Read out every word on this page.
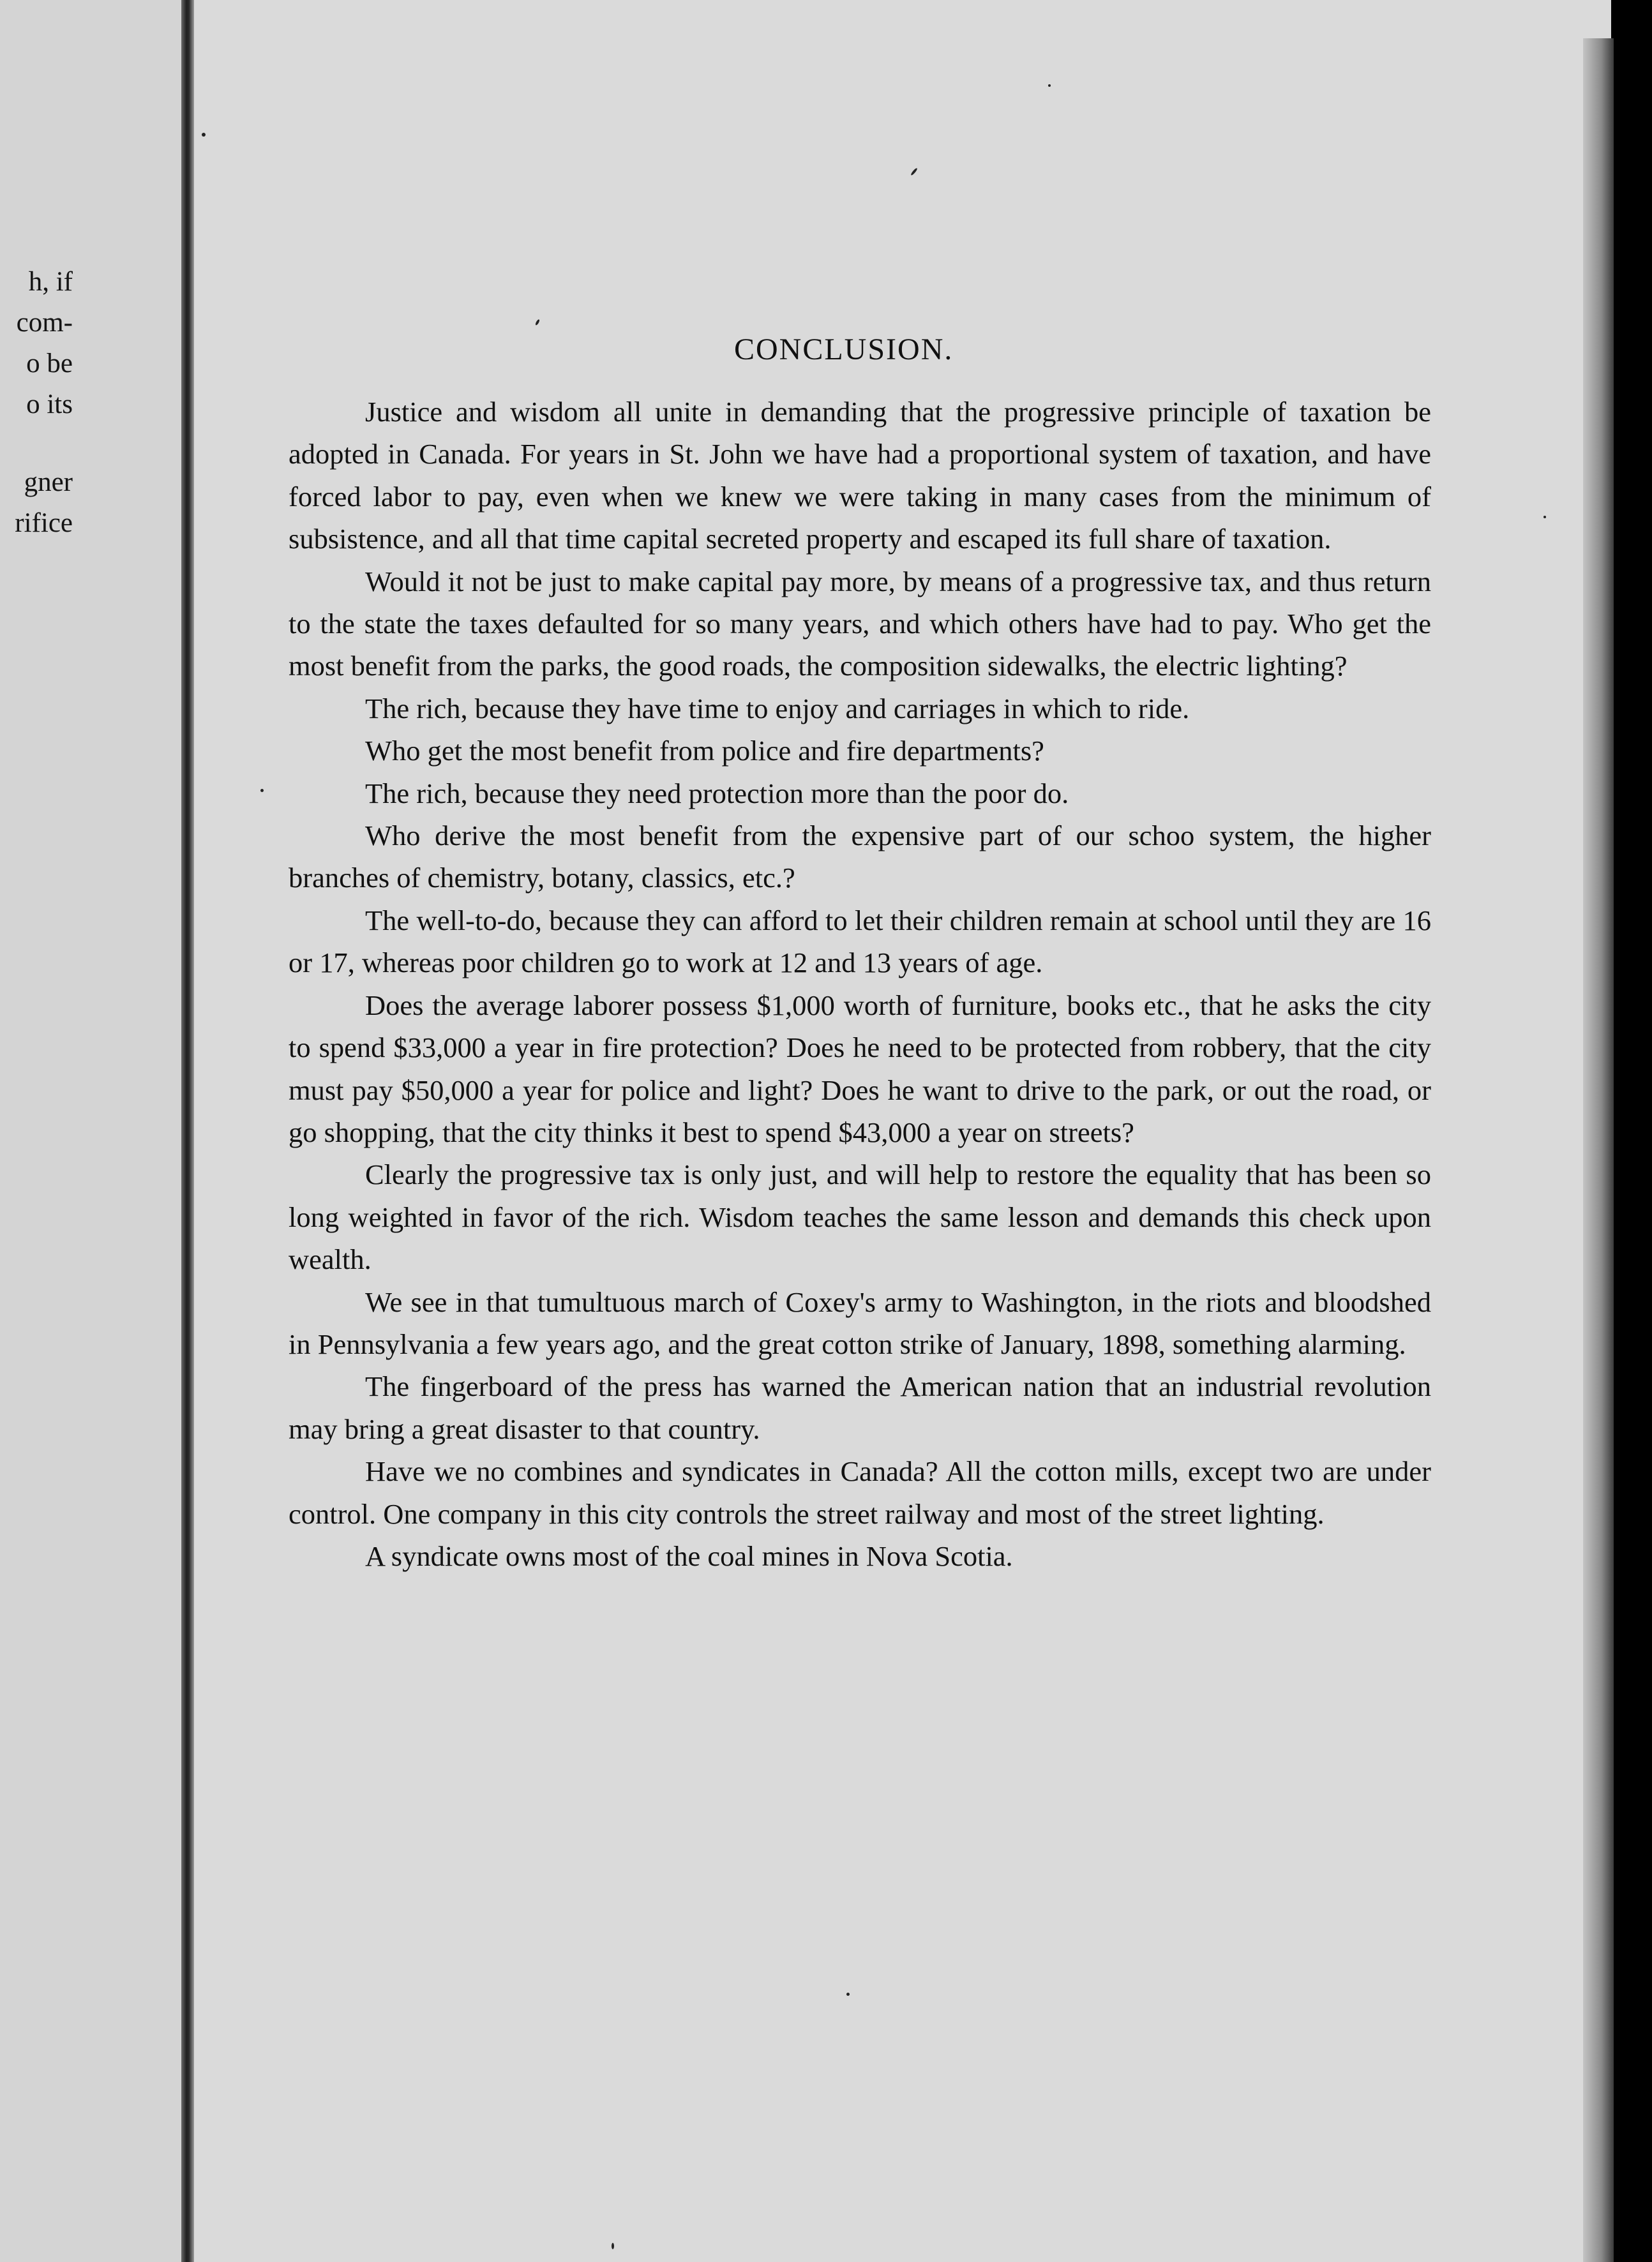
h, if
com-
o be
o its
gner
rifice
CONCLUSION.

Justice and wisdom all unite in demanding that the progressive principle of taxation be adopted in Canada. For years in St. John we have had a proportional system of taxation, and have forced labor to pay, even when we knew we were taking in many cases from the minimum of subsistence, and all that time capital secreted property and escaped its full share of taxation.

Would it not be just to make capital pay more, by means of a progressive tax, and thus return to the state the taxes defaulted for so many years, and which others have had to pay. Who get the most benefit from the parks, the good roads, the composition sidewalks, the electric lighting?

The rich, because they have time to enjoy and carriages in which to ride.

Who get the most benefit from police and fire departments?

The rich, because they need protection more than the poor do.

Who derive the most benefit from the expensive part of our schoo system, the higher branches of chemistry, botany, classics, etc.?

The well-to-do, because they can afford to let their children remain at school until they are 16 or 17, whereas poor children go to work at 12 and 13 years of age.

Does the average laborer possess $1,000 worth of furniture, books etc., that he asks the city to spend $33,000 a year in fire protection? Does he need to be protected from robbery, that the city must pay $50,000 a year for police and light? Does he want to drive to the park, or out the road, or go shopping, that the city thinks it best to spend $43,000 a year on streets?

Clearly the progressive tax is only just, and will help to restore the equality that has been so long weighted in favor of the rich. Wisdom teaches the same lesson and demands this check upon wealth.

We see in that tumultuous march of Coxey's army to Washington, in the riots and bloodshed in Pennsylvania a few years ago, and the great cotton strike of January, 1898, something alarming.

The fingerboard of the press has warned the American nation that an industrial revolution may bring a great disaster to that country.

Have we no combines and syndicates in Canada? All the cotton mills, except two are under control. One company in this city controls the street railway and most of the street lighting.

A syndicate owns most of the coal mines in Nova Scotia.
